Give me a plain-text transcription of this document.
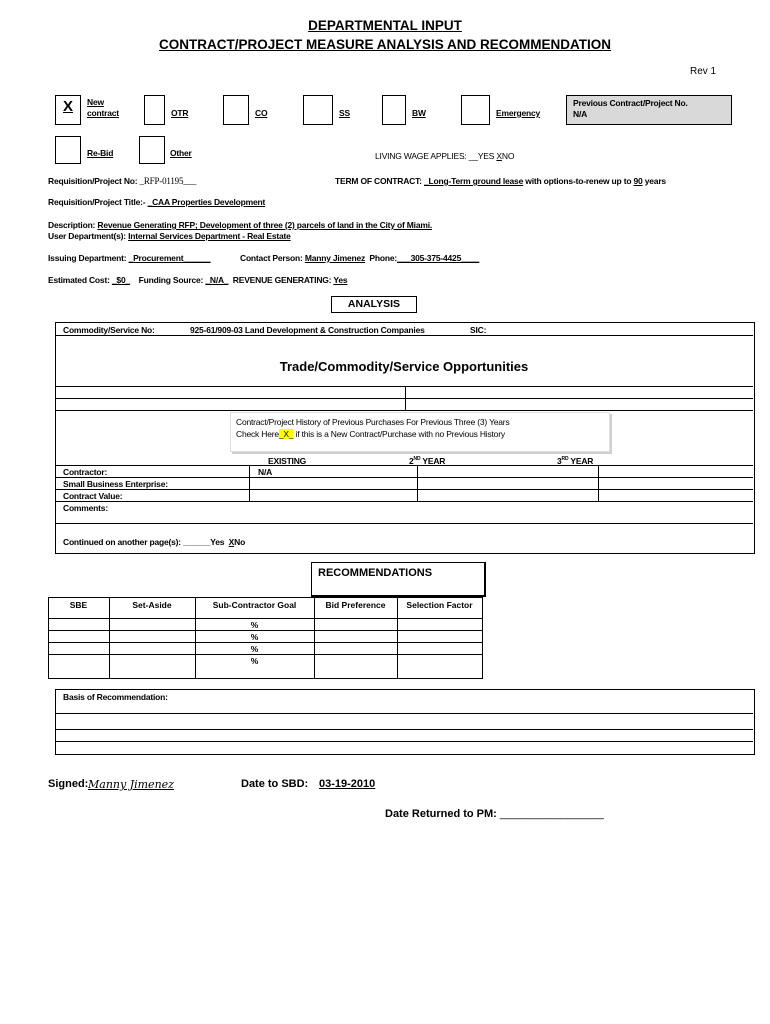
DEPARTMENTAL INPUT
CONTRACT/PROJECT MEASURE ANALYSIS AND RECOMMENDATION
Rev 1
X	New
contract	OTR	CO	SS	BW	Emergency
Previous Contract/Project No.
N/A
Re-Bid	Other	LIVING WAGE APPLIES: __YES XNO
Requisition/Project No: _RFP-01195___	TERM OF CONTRACT: _Long-Term ground lease with options-to-renew up to 90 years
Requisition/Project Title:- _CAA Properties Development
Description: Revenue Generating RFP; Development of three (2) parcels of land in the City of Miami.
User Department(s): Internal Services Department - Real Estate
Issuing Department: _Procurement______	Contact Person: Manny Jimenez Phone:___305-375-4425____
Estimated Cost: _$0_ Funding Source: _N/A_ REVENUE GENERATING: Yes
ANALYSIS
Commodity/Service No:	925-61/909-03 Land Development & Construction Companies	SIC:
Trade/Commodity/Service Opportunities
Contract/Project History of Previous Purchases For Previous Three (3) Years
Check Here_X_ if this is a New Contract/Purchase with no Previous History
EXISTING	2ND YEAR	3RD YEAR
Contractor:	N/A
Small Business Enterprise:
Contract Value:
Comments:
Continued on another page(s): ______Yes XNo
RECOMMENDATIONS
SBE	Set-Aside	Sub-Contractor Goal	Bid Preference	Selection Factor
%
%
%
%
Basis of Recommendation:
Signed: Manny Jimenez	Date to SBD: 03-19-2010
Date Returned to PM: _________________
